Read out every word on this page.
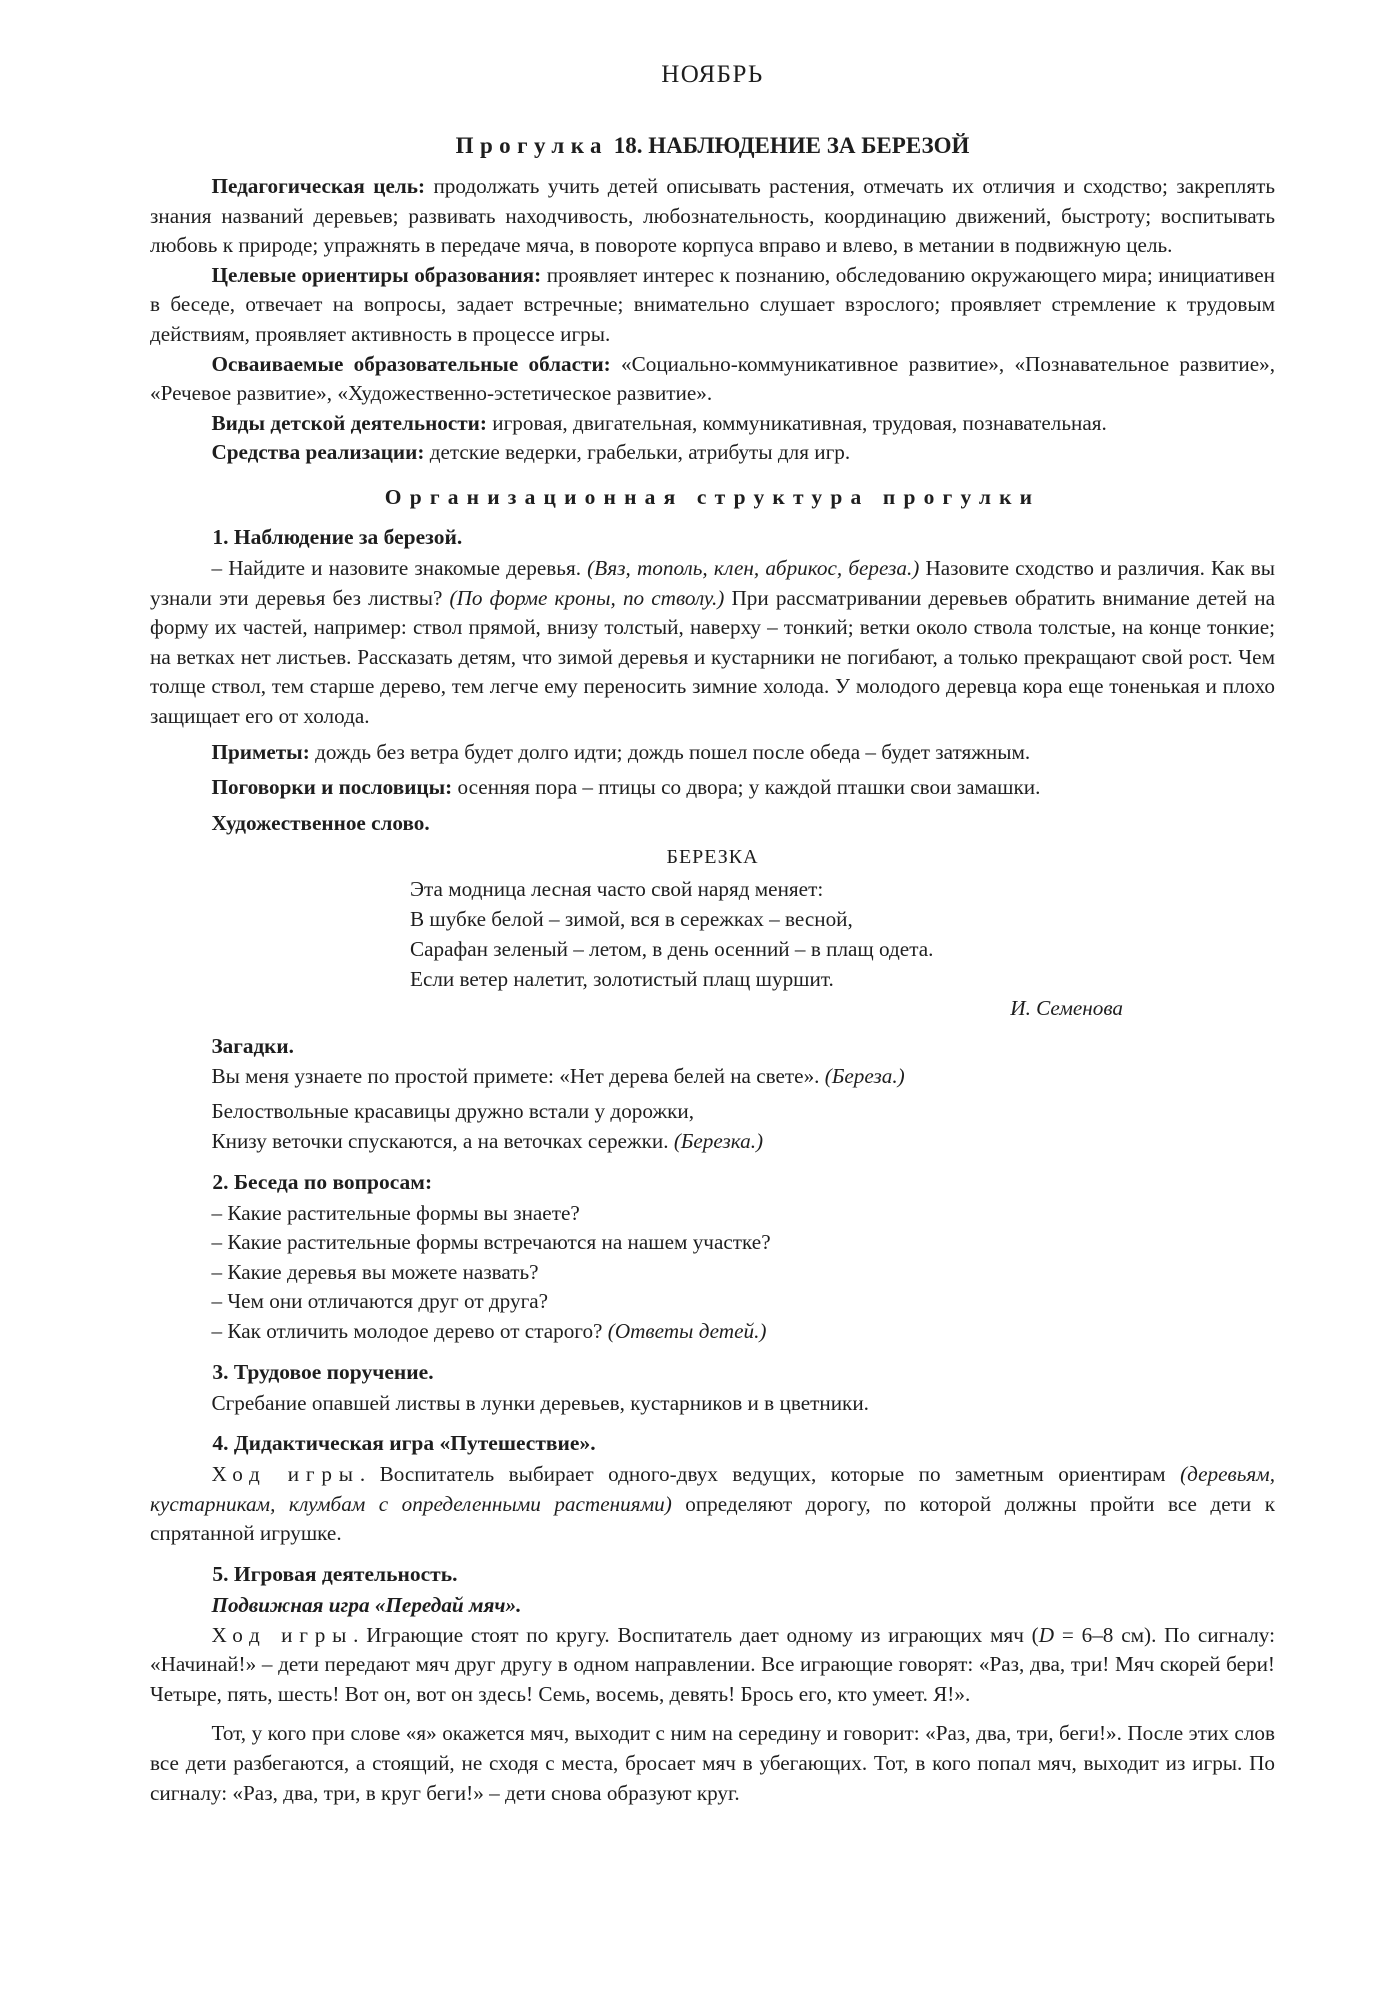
НОЯБРЬ
Прогулка 18. НАБЛЮДЕНИЕ ЗА БЕРЕЗОЙ

Педагогическая цель: продолжать учить детей описывать растения, отмечать их отличия и сходство; закреплять знания названий деревьев; развивать находчивость, любознательность, координацию движений, быстроту; воспитывать любовь к природе; упражнять в передаче мяча, в повороте корпуса вправо и влево, в метании в подвижную цель.

Целевые ориентиры образования: проявляет интерес к познанию, обследованию окружающего мира; инициативен в беседе, отвечает на вопросы, задает встречные; внимательно слушает взрослого; проявляет стремление к трудовым действиям, проявляет активность в процессе игры.

Осваиваемые образовательные области: «Социально-коммуникативное развитие», «Познавательное развитие», «Речевое развитие», «Художественно-эстетическое развитие».

Виды детской деятельности: игровая, двигательная, коммуникативная, трудовая, познавательная.

Средства реализации: детские ведерки, грабельки, атрибуты для игр.

Организационная структура прогулки

1. Наблюдение за березой.

– Найдите и назовите знакомые деревья. (Вяз, тополь, клен, абрикос, береза.) Назовите сходство и различия. Как вы узнали эти деревья без листвы? (По форме кроны, по стволу.) При рассматривании деревьев обратить внимание детей на форму их частей, например: ствол прямой, внизу толстый, наверху – тонкий; ветки около ствола толстые, на конце тонкие; на ветках нет листьев. Рассказать детям, что зимой деревья и кустарники не погибают, а только прекращают свой рост. Чем толще ствол, тем старше дерево, тем легче ему переносить зимние холода. У молодого деревца кора еще тоненькая и плохо защищает его от холода.

Приметы: дождь без ветра будет долго идти; дождь пошел после обеда – будет затяжным.

Поговорки и пословицы: осенняя пора – птицы со двора; у каждой пташки свои замашки.

Художественное слово.

БЕРЕЗКА
Эта модница лесная часто свой наряд меняет:
В шубке белой – зимой, вся в сережках – весной,
Сарафан зеленый – летом, в день осенний – в плащ одета.
Если ветер налетит, золотистый плащ шуршит.
И. Семенова

Загадки.

Вы меня узнаете по простой примете: «Нет дерева белей на свете». (Береза.)

Белоствольные красавицы дружно встали у дорожки,

Книзу веточки спускаются, а на веточках сережки. (Березка.)

2. Беседа по вопросам:

– Какие растительные формы вы знаете?

– Какие растительные формы встречаются на нашем участке?

– Какие деревья вы можете назвать?

– Чем они отличаются друг от друга?

– Как отличить молодое дерево от старого? (Ответы детей.)

3. Трудовое поручение.

Сгребание опавшей листвы в лунки деревьев, кустарников и в цветники.

4. Дидактическая игра «Путешествие».

Ход игры. Воспитатель выбирает одного-двух ведущих, которые по заметным ориентирам (деревьям, кустарникам, клумбам с определенными растениями) определяют дорогу, по которой должны пройти все дети к спрятанной игрушке.

5. Игровая деятельность.

Подвижная игра «Передай мяч».

Ход игры. Играющие стоят по кругу. Воспитатель дает одному из играющих мяч (D = 6–8 см). По сигналу: «Начинай!» – дети передают мяч друг другу в одном направлении. Все играющие говорят: «Раз, два, три! Мяч скорей бери! Четыре, пять, шесть! Вот он, вот он здесь! Семь, восемь, девять! Брось его, кто умеет. Я!».

Тот, у кого при слове «я» окажется мяч, выходит с ним на середину и говорит: «Раз, два, три, беги!». После этих слов все дети разбегаются, а стоящий, не сходя с места, бросает мяч в убегающих. Тот, в кого попал мяч, выходит из игры. По сигналу: «Раз, два, три, в круг беги!» – дети снова образуют круг.
